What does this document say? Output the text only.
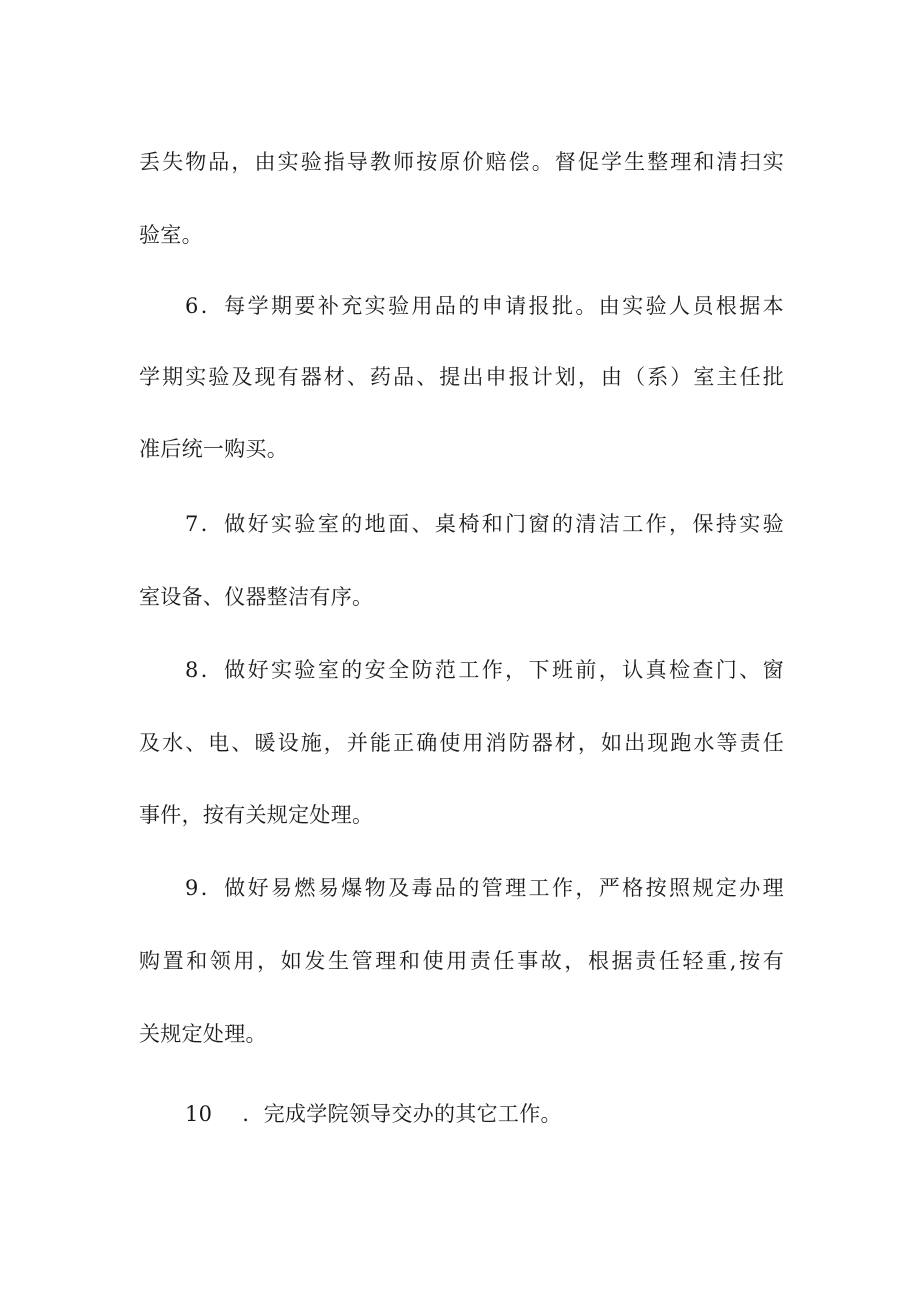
丢失物品，由实验指导教师按原价赔偿。督促学生整理和清扫实
验室。
6．每学期要补充实验用品的申请报批。由实验人员根据本
学期实验及现有器材、药品、提出申报计划，由（系）室主任批
准后统一购买。
7．做好实验室的地面、桌椅和门窗的清洁工作，保持实验
室设备、仪器整洁有序。
8．做好实验室的安全防范工作，下班前，认真检查门、窗
及水、电、暖设施，并能正确使用消防器材，如出现跑水等责任
事件，按有关规定处理。
9．做好易燃易爆物及毒品的管理工作，严格按照规定办理
购置和领用，如发生管理和使用责任事故，根据责任轻重,按有
关规定处理。
10 ．完成学院领导交办的其它工作。
